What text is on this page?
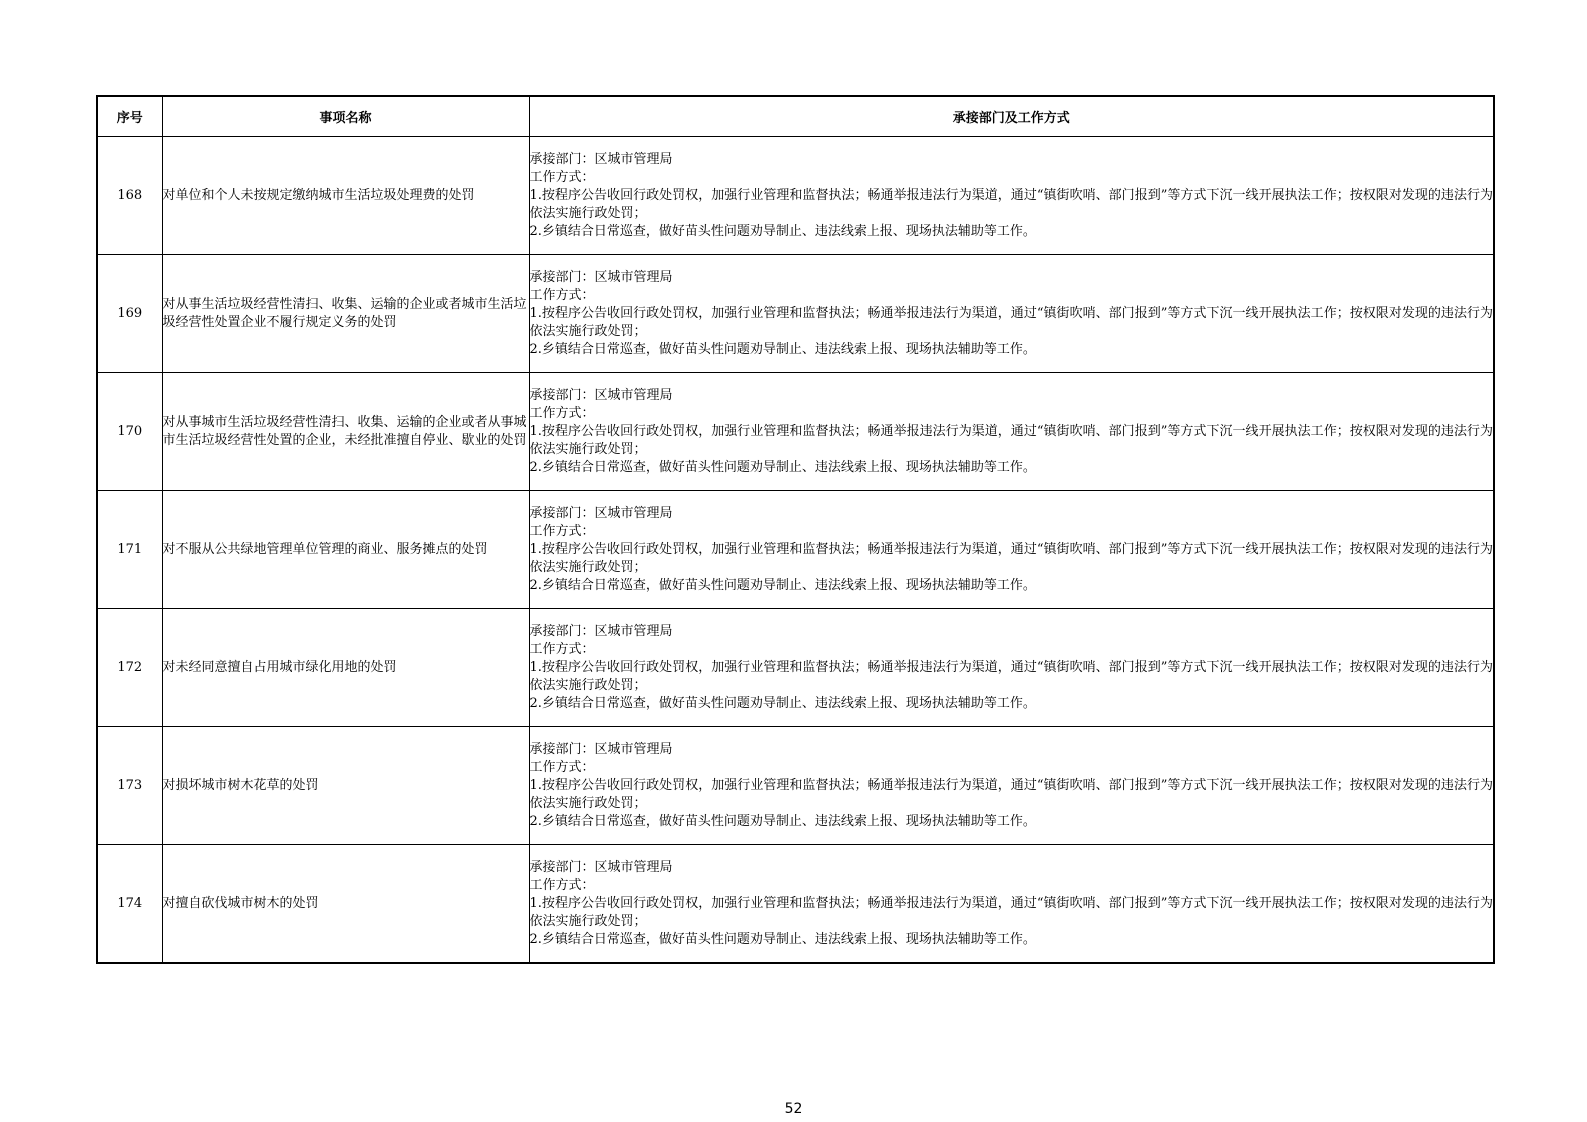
序号	事项名称	承接部门及工作方式
168	对单位和个人未按规定缴纳城市生活垃圾处理费的处罚	承接部门：区城市管理局
工作方式：
1.按程序公告收回行政处罚权，加强行业管理和监督执法；畅通举报违法行为渠道，通过“镇街吹哨、部门报到”等方式下沉一线开展执法工作；按权限对发现的违法行为依法实施行政处罚；
2.乡镇结合日常巡查，做好苗头性问题劝导制止、违法线索上报、现场执法辅助等工作。

169	对从事生活垃圾经营性清扫、收集、运输的企业或者城市生活垃圾经营性处置企业不履行规定义务的处罚	承接部门：区城市管理局
工作方式：
1.按程序公告收回行政处罚权，加强行业管理和监督执法；畅通举报违法行为渠道，通过“镇街吹哨、部门报到”等方式下沉一线开展执法工作；按权限对发现的违法行为依法实施行政处罚；
2.乡镇结合日常巡查，做好苗头性问题劝导制止、违法线索上报、现场执法辅助等工作。

170	对从事城市生活垃圾经营性清扫、收集、运输的企业或者从事城市生活垃圾经营性处置的企业，未经批准擅自停业、歇业的处罚	承接部门：区城市管理局
工作方式：
1.按程序公告收回行政处罚权，加强行业管理和监督执法；畅通举报违法行为渠道，通过“镇街吹哨、部门报到”等方式下沉一线开展执法工作；按权限对发现的违法行为依法实施行政处罚；
2.乡镇结合日常巡查，做好苗头性问题劝导制止、违法线索上报、现场执法辅助等工作。

171	对不服从公共绿地管理单位管理的商业、服务摊点的处罚	承接部门：区城市管理局
工作方式：
1.按程序公告收回行政处罚权，加强行业管理和监督执法；畅通举报违法行为渠道，通过“镇街吹哨、部门报到”等方式下沉一线开展执法工作；按权限对发现的违法行为依法实施行政处罚；
2.乡镇结合日常巡查，做好苗头性问题劝导制止、违法线索上报、现场执法辅助等工作。

172	对未经同意擅自占用城市绿化用地的处罚	承接部门：区城市管理局
工作方式：
1.按程序公告收回行政处罚权，加强行业管理和监督执法；畅通举报违法行为渠道，通过“镇街吹哨、部门报到”等方式下沉一线开展执法工作；按权限对发现的违法行为依法实施行政处罚；
2.乡镇结合日常巡查，做好苗头性问题劝导制止、违法线索上报、现场执法辅助等工作。

173	对损坏城市树木花草的处罚	承接部门：区城市管理局
工作方式：
1.按程序公告收回行政处罚权，加强行业管理和监督执法；畅通举报违法行为渠道，通过“镇街吹哨、部门报到”等方式下沉一线开展执法工作；按权限对发现的违法行为依法实施行政处罚；
2.乡镇结合日常巡查，做好苗头性问题劝导制止、违法线索上报、现场执法辅助等工作。

174	对擅自砍伐城市树木的处罚	承接部门：区城市管理局
工作方式：
1.按程序公告收回行政处罚权，加强行业管理和监督执法；畅通举报违法行为渠道，通过“镇街吹哨、部门报到”等方式下沉一线开展执法工作；按权限对发现的违法行为依法实施行政处罚；
2.乡镇结合日常巡查，做好苗头性问题劝导制止、违法线索上报、现场执法辅助等工作。
52
